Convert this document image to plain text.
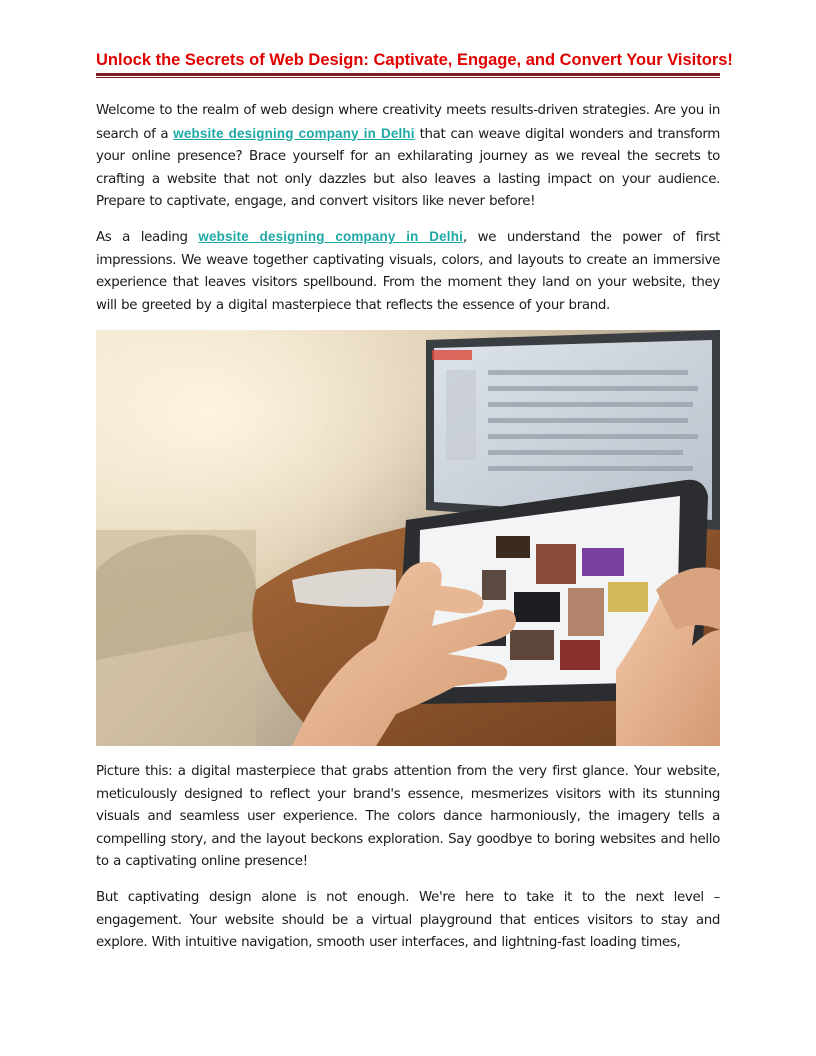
Unlock the Secrets of Web Design: Captivate, Engage, and Convert Your Visitors!

Welcome to the realm of web design where creativity meets results-driven strategies. Are you in search of a website designing company in Delhi that can weave digital wonders and transform your online presence? Brace yourself for an exhilarating journey as we reveal the secrets to crafting a website that not only dazzles but also leaves a lasting impact on your audience. Prepare to captivate, engage, and convert visitors like never before!

As a leading website designing company in Delhi, we understand the power of first impressions. We weave together captivating visuals, colors, and layouts to create an immersive experience that leaves visitors spellbound. From the moment they land on your website, they will be greeted by a digital masterpiece that reflects the essence of your brand.

Picture this: a digital masterpiece that grabs attention from the very first glance. Your website, meticulously designed to reflect your brand's essence, mesmerizes visitors with its stunning visuals and seamless user experience. The colors dance harmoniously, the imagery tells a compelling story, and the layout beckons exploration. Say goodbye to boring websites and hello to a captivating online presence!

But captivating design alone is not enough. We're here to take it to the next level – engagement. Your website should be a virtual playground that entices visitors to stay and explore. With intuitive navigation, smooth user interfaces, and lightning-fast loading times,
